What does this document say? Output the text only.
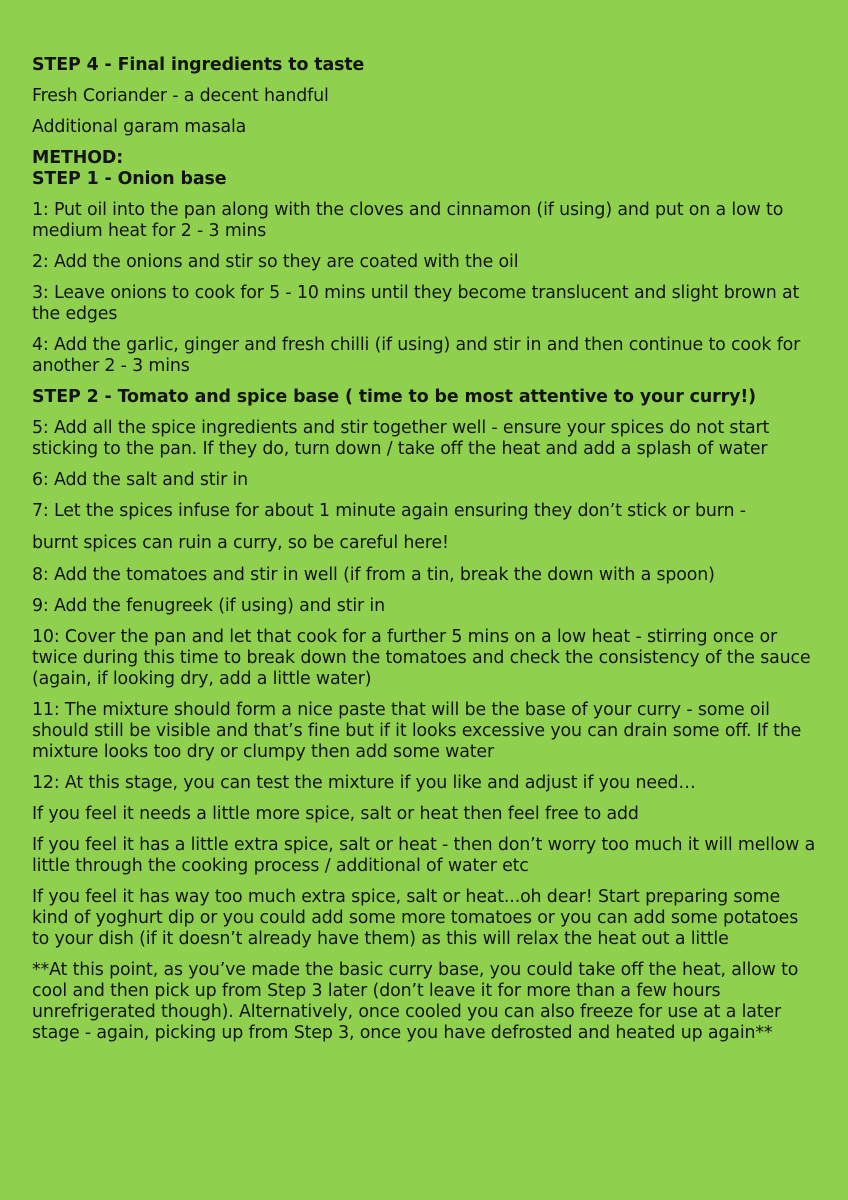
STEP 4 - Final ingredients to taste
Fresh Coriander - a decent handful
Additional garam masala
METHOD:
STEP 1 - Onion base
1: Put oil into the pan along with the cloves and cinnamon (if using) and put on a low to medium heat for 2 - 3 mins
2: Add the onions and stir so they are coated with the oil
3: Leave onions to cook for 5 - 10 mins until they become translucent and slight brown at the edges
4: Add the garlic, ginger and fresh chilli (if using) and stir in and then continue to cook for another 2 - 3 mins
STEP 2 - Tomato and spice base ( time to be most attentive to your curry!)
5: Add all the spice ingredients and stir together well - ensure your spices do not start sticking to the pan. If they do, turn down / take off the heat and add a splash of water
6: Add the salt and stir in
7: Let the spices infuse for about 1 minute again ensuring they don’t stick or burn -
burnt spices can ruin a curry, so be careful here!
8: Add the tomatoes and stir in well (if from a tin, break the down with a spoon)
9: Add the fenugreek (if using) and stir in
10: Cover the pan and let that cook for a further 5 mins on a low heat - stirring once or twice during this time to break down the tomatoes and check the consistency of the sauce (again, if looking dry, add a little water)
11: The mixture should form a nice paste that will be the base of your curry - some oil should still be visible and that’s fine but if it looks excessive you can drain some off. If the mixture looks too dry or clumpy then add some water
12: At this stage, you can test the mixture if you like and adjust if you need…
If you feel it needs a little more spice, salt or heat then feel free to add
If you feel it has a little extra spice, salt or heat - then don’t worry too much it will mellow a little through the cooking process / additional of water etc
If you feel it has way too much extra spice, salt or heat...oh dear! Start preparing some kind of yoghurt dip or you could add some more tomatoes or you can add some potatoes to your dish (if it doesn’t already have them) as this will relax the heat out a little
**At this point, as you’ve made the basic curry base, you could take off the heat, allow to cool and then pick up from Step 3 later (don’t leave it for more than a few hours unrefrigerated though). Alternatively, once cooled you can also freeze for use at a later stage - again, picking up from Step 3, once you have defrosted and heated up again**
